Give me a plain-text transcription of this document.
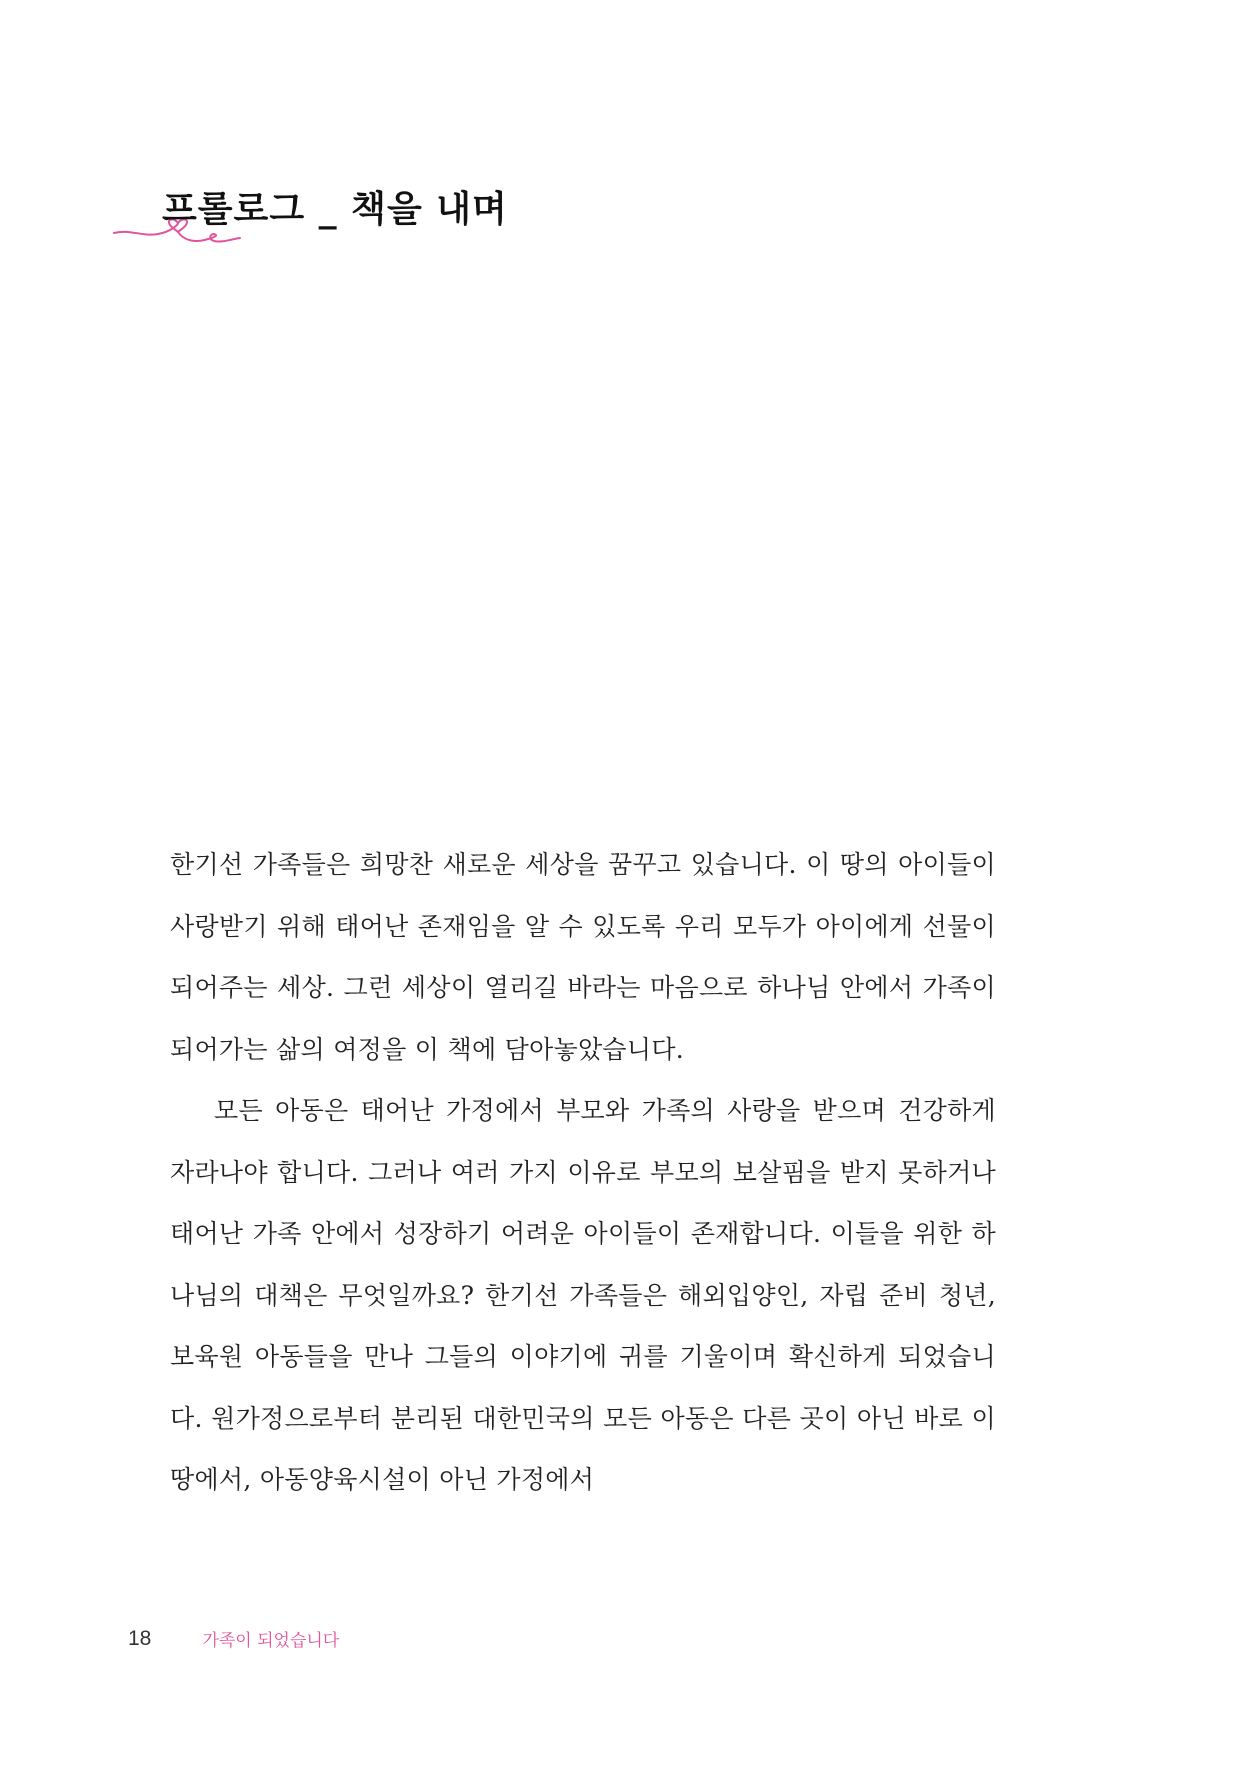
프롤로그 _ 책을 내며

한기선 가족들은 희망찬 새로운 세상을 꿈꾸고 있습니다. 이 땅의 아이들이 사랑받기 위해 태어난 존재임을 알 수 있도록 우리 모두가 아이에게 선물이 되어주는 세상. 그런 세상이 열리길 바라는 마음으로 하나님 안에서 가족이 되어가는 삶의 여정을 이 책에 담아놓았습니다.

모든 아동은 태어난 가정에서 부모와 가족의 사랑을 받으며 건강하게 자라나야 합니다. 그러나 여러 가지 이유로 부모의 보살핌을 받지 못하거나 태어난 가족 안에서 성장하기 어려운 아이들이 존재합니다. 이들을 위한 하나님의 대책은 무엇일까요? 한기선 가족들은 해외입양인, 자립 준비 청년, 보육원 아동들을 만나 그들의 이야기에 귀를 기울이며 확신하게 되었습니다. 원가정으로부터 분리된 대한민국의 모든 아동은 다른 곳이 아닌 바로 이 땅에서, 아동양육시설이 아닌 가정에서

18	가족이 되었습니다
